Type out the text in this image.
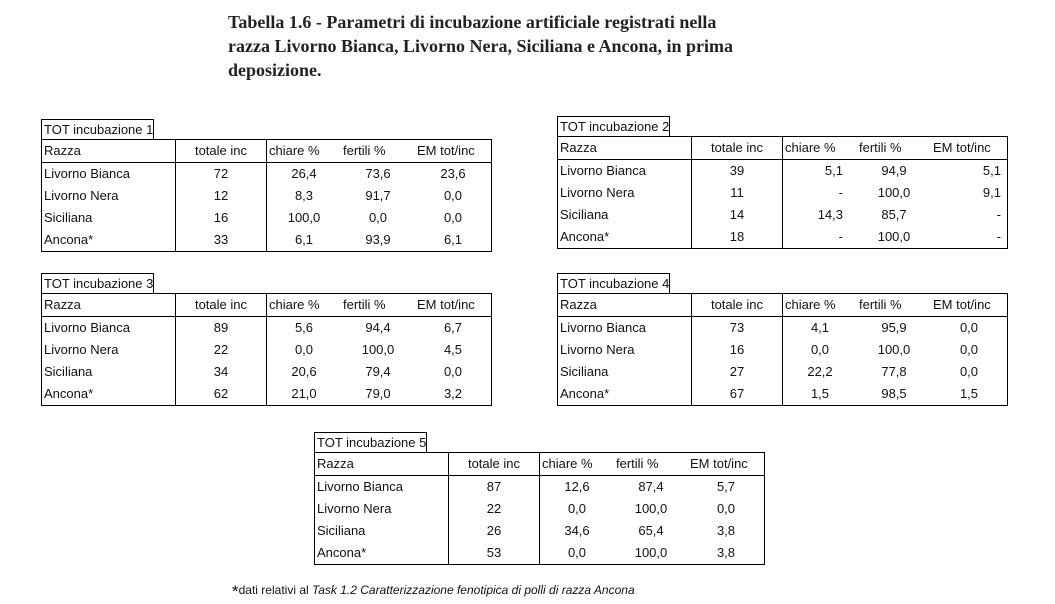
Tabella 1.6 - Parametri di incubazione artificiale registrati nella
razza Livorno Bianca, Livorno Nera, Siciliana e Ancona, in prima
deposizione.
TOT incubazione 1
Razza	totale inc	chiare %	fertili %	EM tot/inc
Livorno Bianca	72	26,4	73,6	23,6
Livorno Nera	12	8,3	91,7	0,0
Siciliana	16	100,0	0,0	0,0
Ancona*	33	6,1	93,9	6,1
TOT incubazione 2
Razza	totale inc	chiare %	fertili %	EM tot/inc
Livorno Bianca	39	5,1	94,9	5,1
Livorno Nera	11	-	100,0	9,1
Siciliana	14	14,3	85,7	-
Ancona*	18	-	100,0	-
TOT incubazione 3
Razza	totale inc	chiare %	fertili %	EM tot/inc
Livorno Bianca	89	5,6	94,4	6,7
Livorno Nera	22	0,0	100,0	4,5
Siciliana	34	20,6	79,4	0,0
Ancona*	62	21,0	79,0	3,2
TOT incubazione 4
Razza	totale inc	chiare %	fertili %	EM tot/inc
Livorno Bianca	73	4,1	95,9	0,0
Livorno Nera	16	0,0	100,0	0,0
Siciliana	27	22,2	77,8	0,0
Ancona*	67	1,5	98,5	1,5
TOT incubazione 5
Razza	totale inc	chiare %	fertili %	EM tot/inc
Livorno Bianca	87	12,6	87,4	5,7
Livorno Nera	22	0,0	100,0	0,0
Siciliana	26	34,6	65,4	3,8
Ancona*	53	0,0	100,0	3,8
*dati relativi al Task 1.2 Caratterizzazione fenotipica di polli di razza Ancona
